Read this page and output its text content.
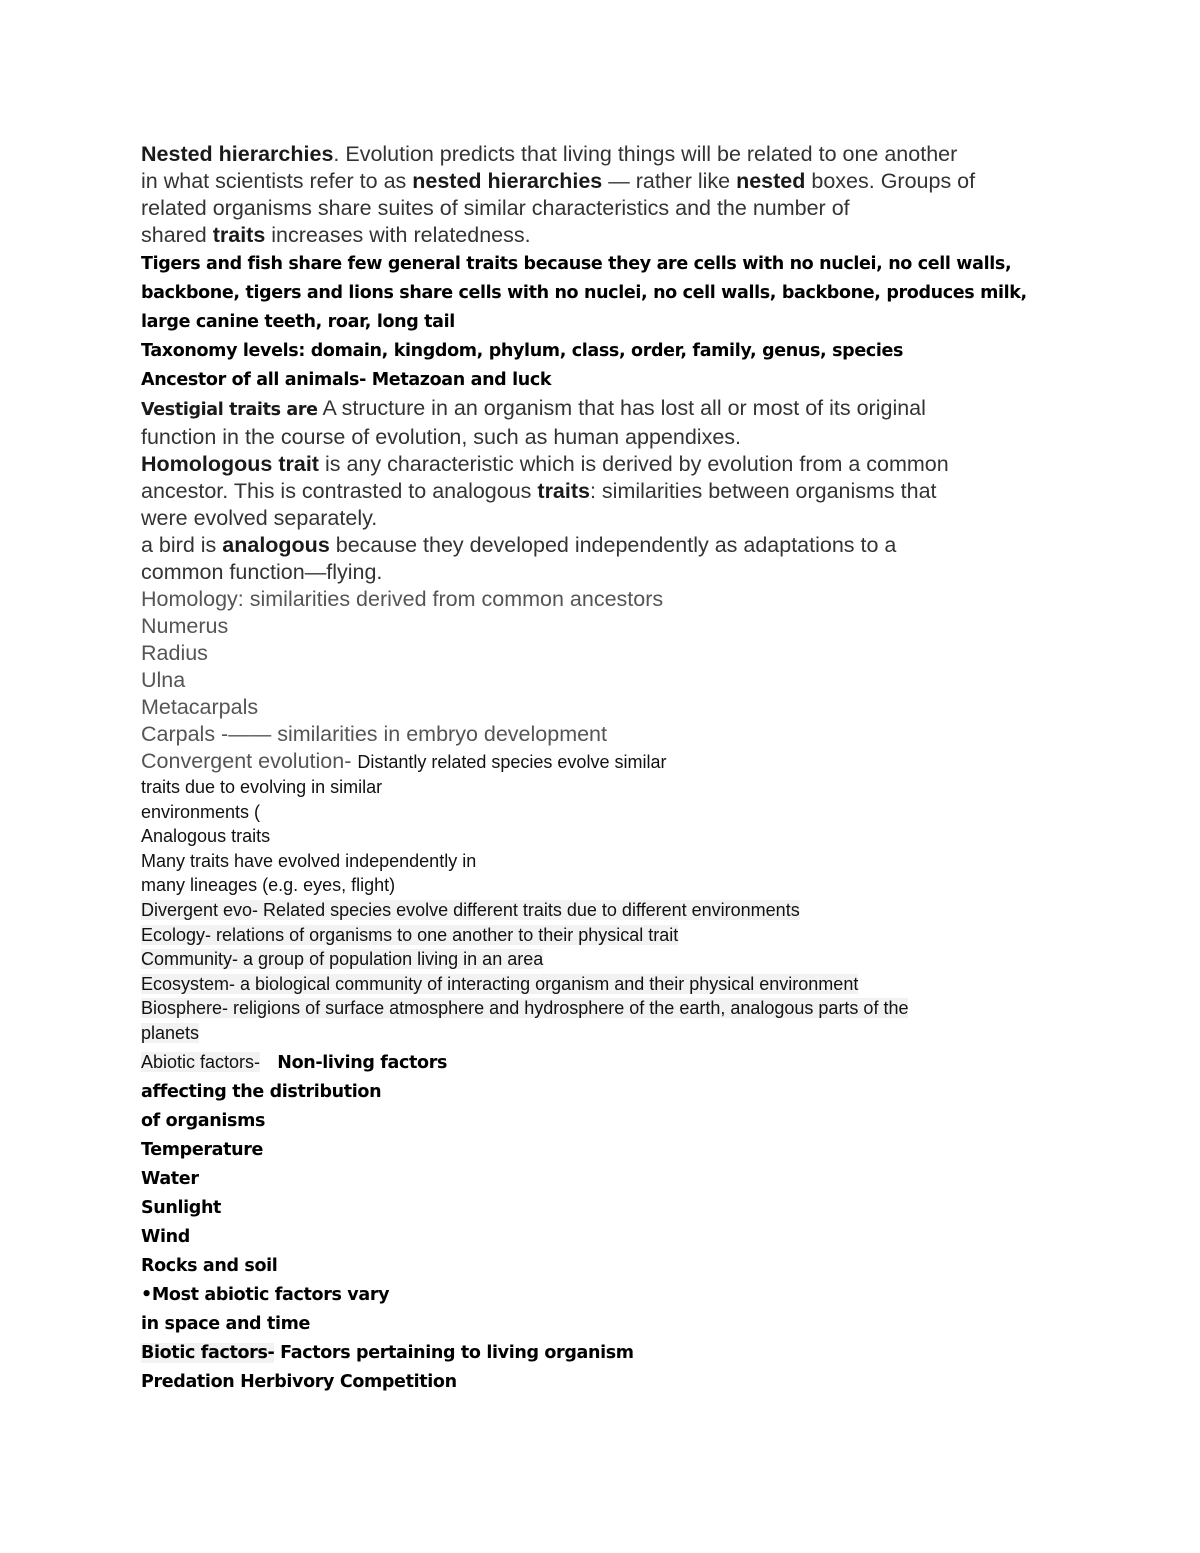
Nested hierarchies. Evolution predicts that living things will be related to one another
in what scientists refer to as nested hierarchies — rather like nested boxes. Groups of
related organisms share suites of similar characteristics and the number of
shared traits increases with relatedness.

Tigers and fish share few general traits because they are cells with no nuclei, no cell walls,
backbone, tigers and lions share cells with no nuclei, no cell walls, backbone, produces milk,
large canine teeth, roar, long tail

Taxonomy levels: domain, kingdom, phylum, class, order, family, genus, species

Ancestor of all animals- Metazoan and luck

Vestigial traits are A structure in an organism that has lost all or most of its original
function in the course of evolution, such as human appendixes.

Homologous trait is any characteristic which is derived by evolution from a common
ancestor. This is contrasted to analogous traits: similarities between organisms that
were evolved separately.

a bird is analogous because they developed independently as adaptations to a
common function—flying.

Homology: similarities derived from common ancestors
Numerus
Radius
Ulna
Metacarpals
Carpals -—— similarities in embryo development
Convergent evolution- Distantly related species evolve similar

traits due to evolving in similar
environments (
Analogous traits
Many traits have evolved independently in
many lineages (e.g. eyes, flight)

Divergent evo- Related species evolve different traits due to different environments
Ecology- relations of organisms to one another to their physical trait
Community- a group of population living in an area
Ecosystem- a biological community of interacting organism and their physical environment
Biosphere- religions of surface atmosphere and hydrosphere of the earth, analogous parts of the
planets

Abiotic factors-   Non-living factors
affecting the distribution
of organisms
Temperature
Water
Sunlight
Wind
Rocks and soil
•Most abiotic factors vary
in space and time

Biotic factors- Factors pertaining to living organism
Predation Herbivory Competition
